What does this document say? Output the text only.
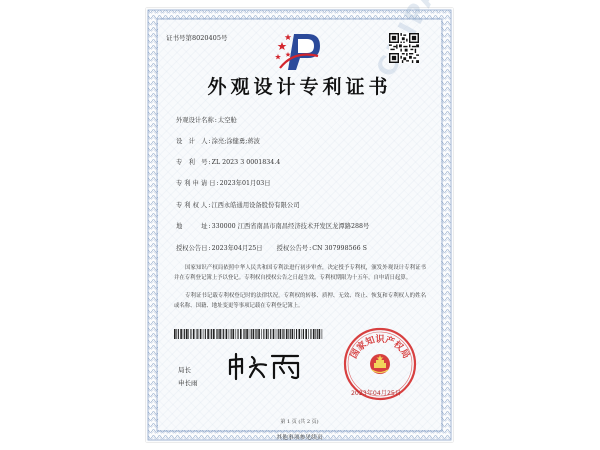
证书号第8020405号
外观设计专利证书
外观设计名称:太空舱
设　计　人:涂亮;涂健勇;蒋波
专　利　号:ZL 2023 3 0001834.4
专 利 申 请 日:2023年01月03日
专 利 权 人:江西永皓通用设备股份有限公司
地　　　址:330000 江西省南昌市南昌经济技术开发区龙潭路288号
授权公告日:2023年04月25日 授权公告号:CN 307998566 S

国家知识产权局依照中华人民共和国专利法进行初步审查，决定授予专利权，颁发外观设计专利证书并在专利登记簿上予以登记。专利权自授权公告之日起生效。专利权期限为十五年，自申请日起算。

专利证书记载专利权登记时的法律状况。专利权的转移、质押、无效、终止、恢复和专利权人的姓名或名称、国籍、地址变更等事项记载在专利登记簿上。

局长
申长雨
国家知识产权局
2023年04月25日
第 1 页 (共 2 页)
其他事项参见续页
